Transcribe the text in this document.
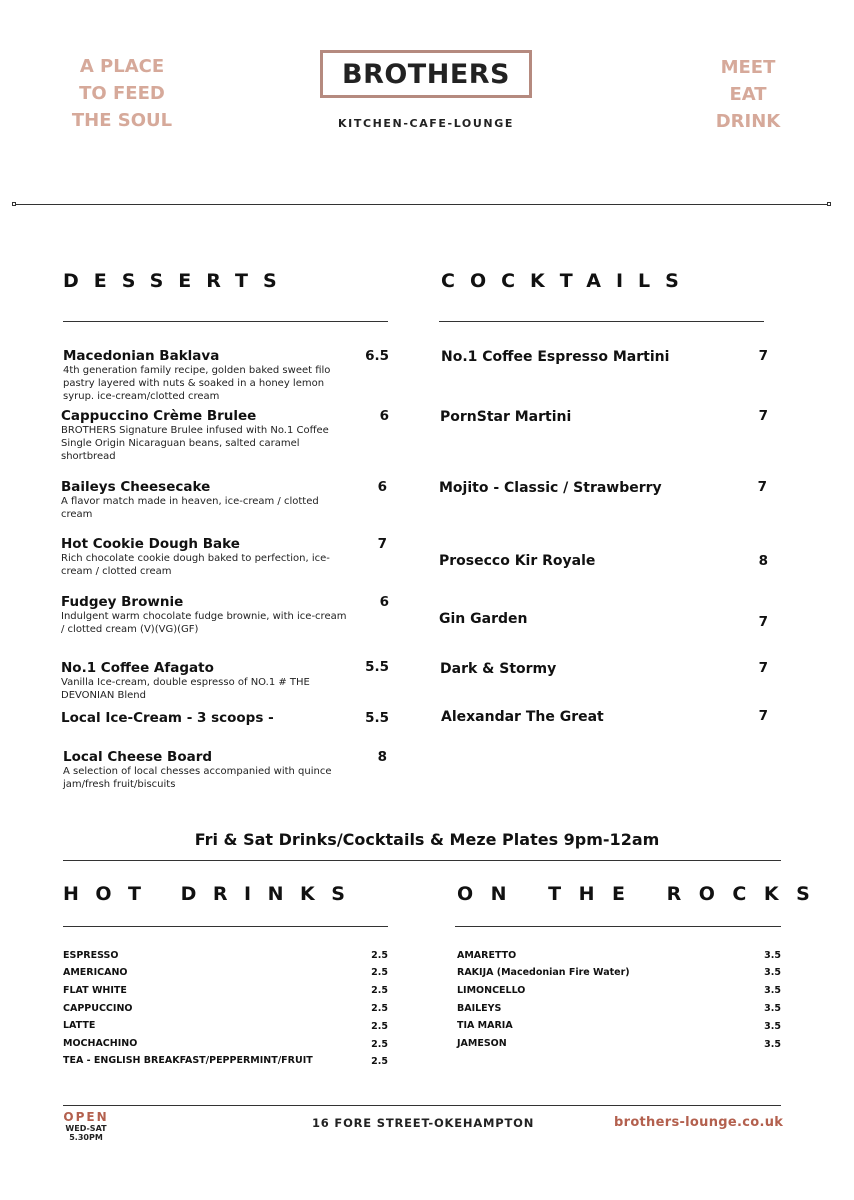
A PLACE
TO FEED
THE SOUL
MEET
EAT
DRINK
BROTHERS
KITCHEN-CAFE-LOUNGE
DESSERTS
Macedonian Baklava
4th generation family recipe, golden baked sweet filo pastry layered with nuts & soaked in a honey lemon syrup. ice-cream/clotted cream
6.5
Cappuccino Crème Brulee
BROTHERS Signature Brulee infused with No.1 Coffee Single Origin Nicaraguan beans, salted caramel shortbread
6
Baileys Cheesecake
A flavor match made in heaven, ice-cream / clotted cream
6
Hot Cookie Dough Bake
Rich chocolate cookie dough baked to perfection, ice-cream / clotted cream
7
Fudgey Brownie
Indulgent warm chocolate fudge brownie, with ice-cream / clotted cream (V)(VG)(GF)
6
No.1 Coffee Afagato
Vanilla Ice-cream, double espresso of NO.1 # THE DEVONIAN Blend
5.5
Local Ice-Cream - 3 scoops -	5.5
Local Cheese Board
A selection of local chesses accompanied with quince jam/fresh fruit/biscuits
8
COCKTAILS
No.1 Coffee Espresso Martini	7
PornStar Martini	7
Mojito - Classic / Strawberry	7
Prosecco Kir Royale	8
Gin Garden	7
Dark & Stormy	7
Alexandar The Great	7
Fri & Sat Drinks/Cocktails & Meze Plates 9pm-12am
HOT DRINKS
ESPRESSO	2.5
AMERICANO	2.5
FLAT WHITE	2.5
CAPPUCCINO	2.5
LATTE	2.5
MOCHACHINO	2.5
TEA - ENGLISH BREAKFAST/PEPPERMINT/FRUIT	2.5
ON THE ROCKS
AMARETTO	3.5
RAKIJA (Macedonian Fire Water)	3.5
LIMONCELLO	3.5
BAILEYS	3.5
TIA MARIA	3.5
JAMESON	3.5
OPEN
WED-SAT
5.30PM
16 FORE STREET-OKEHAMPTON	brothers-lounge.co.uk
